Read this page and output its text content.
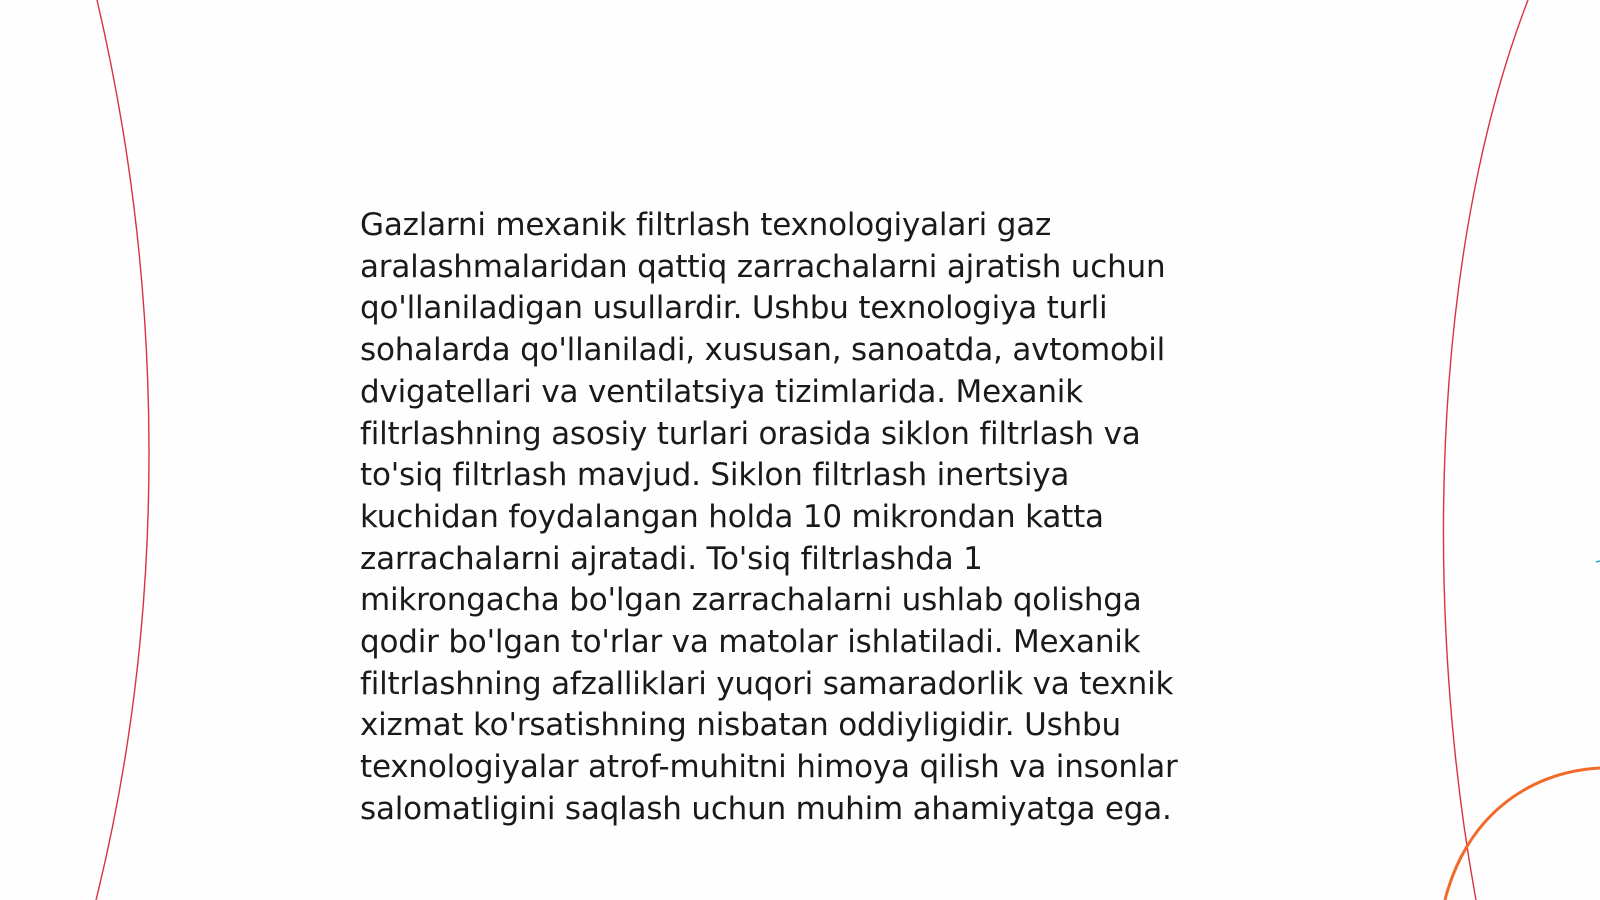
Gazlarni mexanik filtrlash texnologiyalari gaz
aralashmalaridan qattiq zarrachalarni ajratish uchun
qo'llaniladigan usullardir. Ushbu texnologiya turli
sohalarda qo'llaniladi, xususan, sanoatda, avtomobil
dvigatellari va ventilatsiya tizimlarida. Mexanik
filtrlashning asosiy turlari orasida siklon filtrlash va
to'siq filtrlash mavjud. Siklon filtrlash inertsiya
kuchidan foydalangan holda 10 mikrondan katta
zarrachalarni ajratadi. To'siq filtrlashda 1
mikrongacha bo'lgan zarrachalarni ushlab qolishga
qodir bo'lgan to'rlar va matolar ishlatiladi. Mexanik
filtrlashning afzalliklari yuqori samaradorlik va texnik
xizmat ko'rsatishning nisbatan oddiyligidir. Ushbu
texnologiyalar atrof-muhitni himoya qilish va insonlar
salomatligini saqlash uchun muhim ahamiyatga ega.
